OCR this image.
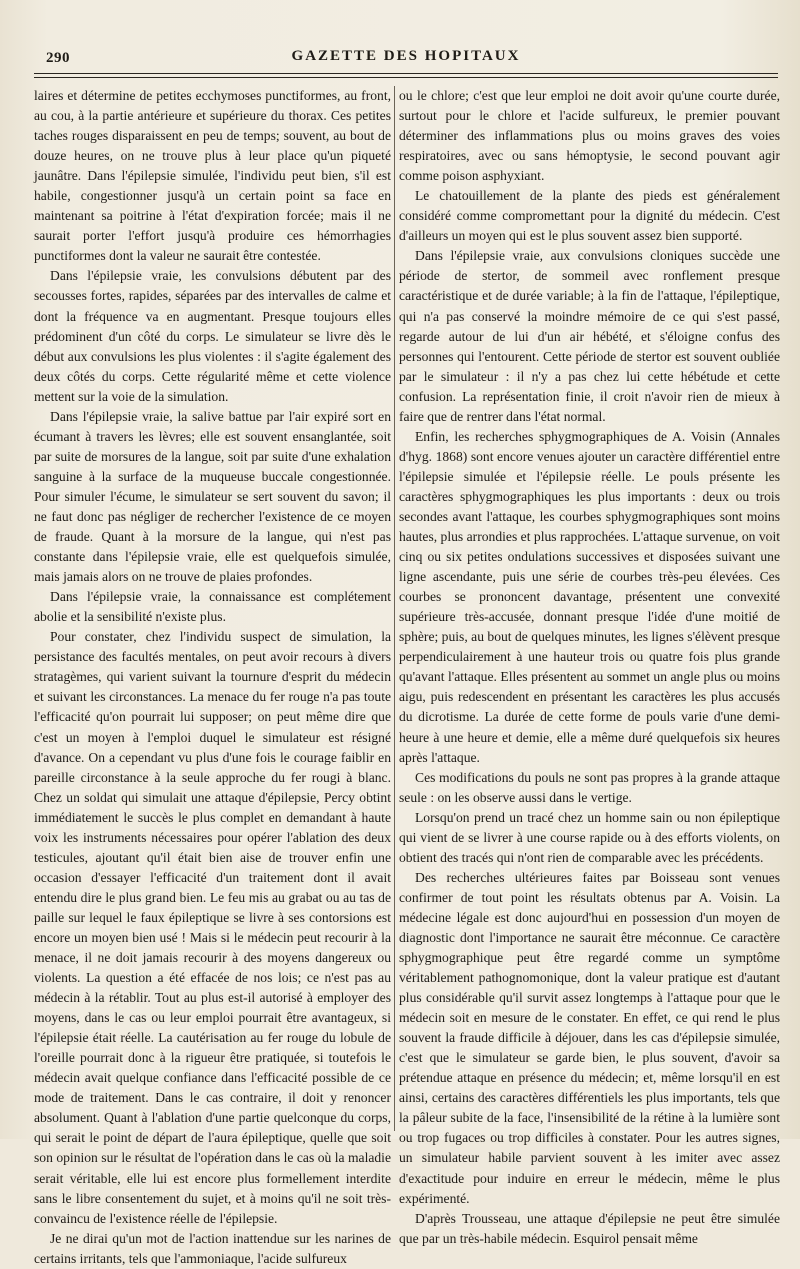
290	GAZETTE DES HOPITAUX

laires et détermine de petites ecchymoses punctiformes, au front, au cou, à la partie antérieure et supérieure du thorax. Ces petites taches rouges disparaissent en peu de temps; souvent, au bout de douze heures, on ne trouve plus à leur place qu'un piqueté jaunâtre. Dans l'épilepsie simulée, l'individu peut bien, s'il est habile, congestionner jusqu'à un certain point sa face en maintenant sa poitrine à l'état d'expiration forcée; mais il ne saurait porter l'effort jusqu'à produire ces hémorrhagies punctiformes dont la valeur ne saurait être contestée.

Dans l'épilepsie vraie, les convulsions débutent par des secousses fortes, rapides, séparées par des intervalles de calme et dont la fréquence va en augmentant. Presque toujours elles prédominent d'un côté du corps. Le simulateur se livre dès le début aux convulsions les plus violentes : il s'agite également des deux côtés du corps. Cette régularité même et cette violence mettent sur la voie de la simulation.

Dans l'épilepsie vraie, la salive battue par l'air expiré sort en écumant à travers les lèvres; elle est souvent ensanglantée, soit par suite de morsures de la langue, soit par suite d'une exhalation sanguine à la surface de la muqueuse buccale congestionnée. Pour simuler l'écume, le simulateur se sert souvent du savon; il ne faut donc pas négliger de rechercher l'existence de ce moyen de fraude. Quant à la morsure de la langue, qui n'est pas constante dans l'épilepsie vraie, elle est quelquefois simulée, mais jamais alors on ne trouve de plaies profondes.

Dans l'épilepsie vraie, la connaissance est complétement abolie et la sensibilité n'existe plus.

Pour constater, chez l'individu suspect de simulation, la persistance des facultés mentales, on peut avoir recours à divers stratagèmes, qui varient suivant la tournure d'esprit du médecin et suivant les circonstances. La menace du fer rouge n'a pas toute l'efficacité qu'on pourrait lui supposer; on peut même dire que c'est un moyen à l'emploi duquel le simulateur est résigné d'avance. On a cependant vu plus d'une fois le courage faiblir en pareille circonstance à la seule approche du fer rougi à blanc. Chez un soldat qui simulait une attaque d'épilepsie, Percy obtint immédiatement le succès le plus complet en demandant à haute voix les instruments nécessaires pour opérer l'ablation des deux testicules, ajoutant qu'il était bien aise de trouver enfin une occasion d'essayer l'efficacité d'un traitement dont il avait entendu dire le plus grand bien. Le feu mis au grabat ou au tas de paille sur lequel le faux épileptique se livre à ses contorsions est encore un moyen bien usé ! Mais si le médecin peut recourir à la menace, il ne doit jamais recourir à des moyens dangereux ou violents. La question a été effacée de nos lois; ce n'est pas au médecin à la rétablir. Tout au plus est-il autorisé à employer des moyens, dans le cas ou leur emploi pourrait être avantageux, si l'épilepsie était réelle. La cautérisation au fer rouge du lobule de l'oreille pourrait donc à la rigueur être pratiquée, si toutefois le médecin avait quelque confiance dans l'efficacité possible de ce mode de traitement. Dans le cas contraire, il doit y renoncer absolument. Quant à l'ablation d'une partie quelconque du corps, qui serait le point de départ de l'aura épileptique, quelle que soit son opinion sur le résultat de l'opération dans le cas où la maladie serait véritable, elle lui est encore plus formellement interdite sans le libre consentement du sujet, et à moins qu'il ne soit très-convaincu de l'existence réelle de l'épilepsie.

Je ne dirai qu'un mot de l'action inattendue sur les narines de certains irritants, tels que l'ammoniaque, l'acide sulfureux

ou le chlore; c'est que leur emploi ne doit avoir qu'une courte durée, surtout pour le chlore et l'acide sulfureux, le premier pouvant déterminer des inflammations plus ou moins graves des voies respiratoires, avec ou sans hémoptysie, le second pouvant agir comme poison asphyxiant.

Le chatouillement de la plante des pieds est généralement considéré comme compromettant pour la dignité du médecin. C'est d'ailleurs un moyen qui est le plus souvent assez bien supporté.

Dans l'épilepsie vraie, aux convulsions cloniques succède une période de stertor, de sommeil avec ronflement presque caractéristique et de durée variable; à la fin de l'attaque, l'épileptique, qui n'a pas conservé la moindre mémoire de ce qui s'est passé, regarde autour de lui d'un air hébété, et s'éloigne confus des personnes qui l'entourent. Cette période de stertor est souvent oubliée par le simulateur : il n'y a pas chez lui cette hébétude et cette confusion. La représentation finie, il croit n'avoir rien de mieux à faire que de rentrer dans l'état normal.

Enfin, les recherches sphygmographiques de A. Voisin (Annales d'hyg. 1868) sont encore venues ajouter un caractère différentiel entre l'épilepsie simulée et l'épilepsie réelle. Le pouls présente les caractères sphygmographiques les plus importants : deux ou trois secondes avant l'attaque, les courbes sphygmographiques sont moins hautes, plus arrondies et plus rapprochées. L'attaque survenue, on voit cinq ou six petites ondulations successives et disposées suivant une ligne ascendante, puis une série de courbes très-peu élevées. Ces courbes se prononcent davantage, présentent une convexité supérieure très-accusée, donnant presque l'idée d'une moitié de sphère; puis, au bout de quelques minutes, les lignes s'élèvent presque perpendiculairement à une hauteur trois ou quatre fois plus grande qu'avant l'attaque. Elles présentent au sommet un angle plus ou moins aigu, puis redescendent en présentant les caractères les plus accusés du dicrotisme. La durée de cette forme de pouls varie d'une demi-heure à une heure et demie, elle a même duré quelquefois six heures après l'attaque.

Ces modifications du pouls ne sont pas propres à la grande attaque seule : on les observe aussi dans le vertige.

Lorsqu'on prend un tracé chez un homme sain ou non épileptique qui vient de se livrer à une course rapide ou à des efforts violents, on obtient des tracés qui n'ont rien de comparable avec les précédents.

Des recherches ultérieures faites par Boisseau sont venues confirmer de tout point les résultats obtenus par A. Voisin. La médecine légale est donc aujourd'hui en possession d'un moyen de diagnostic dont l'importance ne saurait être méconnue. Ce caractère sphygmographique peut être regardé comme un symptôme véritablement pathognomonique, dont la valeur pratique est d'autant plus considérable qu'il survit assez longtemps à l'attaque pour que le médecin soit en mesure de le constater. En effet, ce qui rend le plus souvent la fraude difficile à déjouer, dans les cas d'épilepsie simulée, c'est que le simulateur se garde bien, le plus souvent, d'avoir sa prétendue attaque en présence du médecin; et, même lorsqu'il en est ainsi, certains des caractères différentiels les plus importants, tels que la pâleur subite de la face, l'insensibilité de la rétine à la lumière sont ou trop fugaces ou trop difficiles à constater. Pour les autres signes, un simulateur habile parvient souvent à les imiter avec assez d'exactitude pour induire en erreur le médecin, même le plus expérimenté.

D'après Trousseau, une attaque d'épilepsie ne peut être simulée que par un très-habile médecin. Esquirol pensait même
